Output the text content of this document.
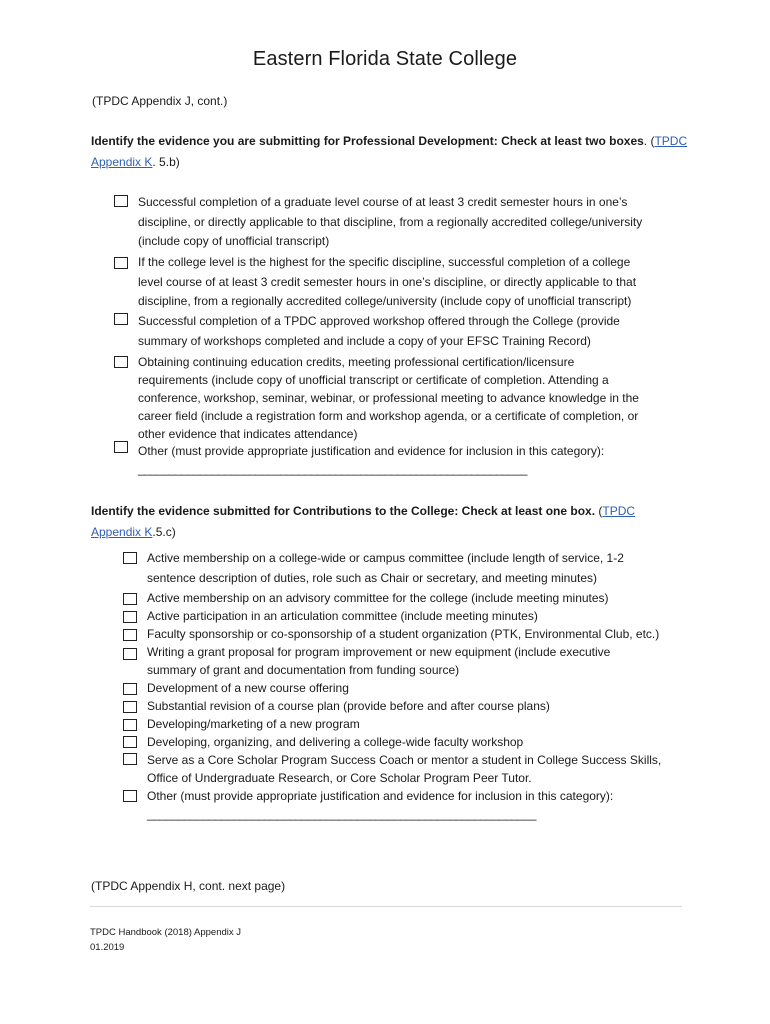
Eastern Florida State College
(TPDC Appendix J, cont.)
Identify the evidence you are submitting for Professional Development: Check at least two boxes. (TPDC
Appendix K. 5.b)
Successful completion of a graduate level course of at least 3 credit semester hours in one’s
discipline, or directly applicable to that discipline, from a regionally accredited college/university
(include copy of unofficial transcript)
If the college level is the highest for the specific discipline, successful completion of a college
level course of at least 3 credit semester hours in one’s discipline, or directly applicable to that
discipline, from a regionally accredited college/university (include copy of unofficial transcript)
Successful completion of a TPDC approved workshop offered through the College (provide
summary of workshops completed and include a copy of your EFSC Training Record)
Obtaining continuing education credits, meeting professional certification/licensure
requirements (include copy of unofficial transcript or certificate of completion. Attending a
conference, workshop, seminar, webinar, or professional meeting to advance knowledge in the
career field (include a registration form and workshop agenda, or a certificate of completion, or
other evidence that indicates attendance)
Other (must provide appropriate justification and evidence for inclusion in this category):
_______________________________________________________________
Identify the evidence submitted for Contributions to the College: Check at least one box. (TPDC
Appendix K.5.c)
Active membership on a college-wide or campus committee (include length of service, 1-2
sentence description of duties, role such as Chair or secretary, and meeting minutes)
Active membership on an advisory committee for the college (include meeting minutes)
Active participation in an articulation committee (include meeting minutes)
Faculty sponsorship or co-sponsorship of a student organization (PTK, Environmental Club, etc.)
Writing a grant proposal for program improvement or new equipment (include executive
summary of grant and documentation from funding source)
Development of a new course offering
Substantial revision of a course plan (provide before and after course plans)
Developing/marketing of a new program
Developing, organizing, and delivering a college-wide faculty workshop
Serve as a Core Scholar Program Success Coach or mentor a student in College Success Skills,
Office of Undergraduate Research, or Core Scholar Program Peer Tutor.
Other (must provide appropriate justification and evidence for inclusion in this category):
_______________________________________________________________
(TPDC Appendix H, cont. next page)
TPDC Handbook (2018) Appendix J
01.2019
